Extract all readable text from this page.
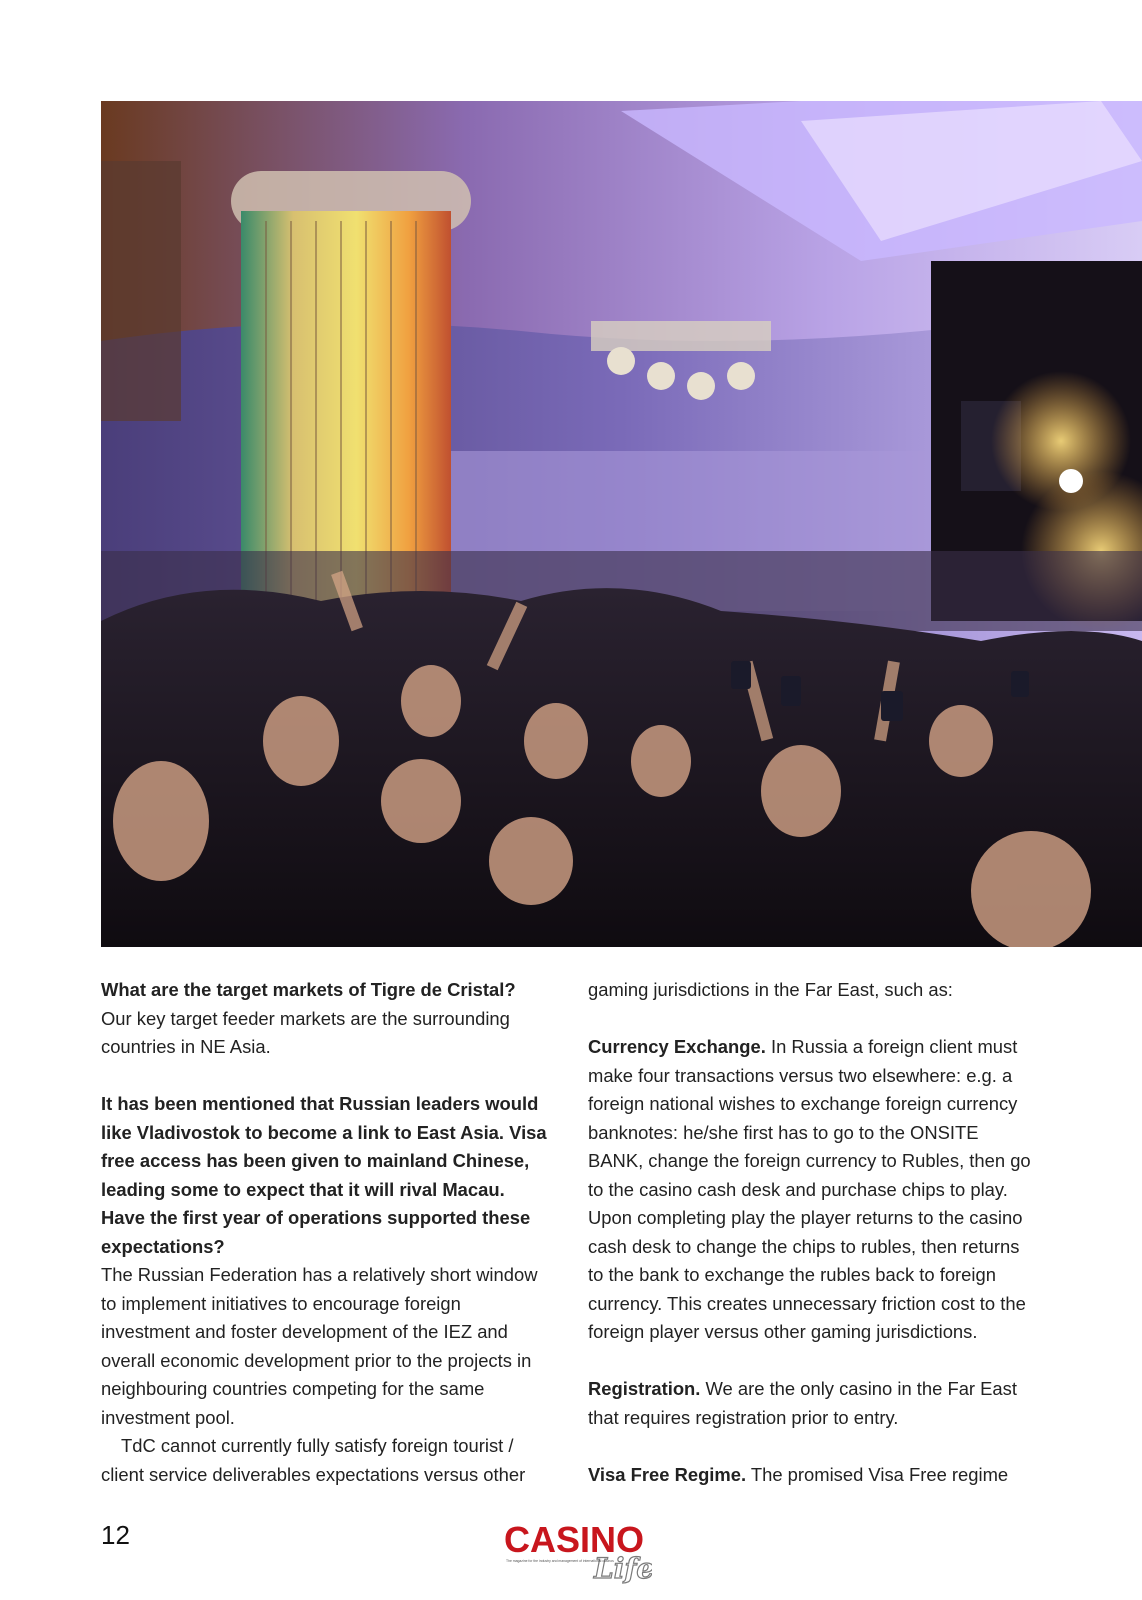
What are the target markets of Tigre de Cristal?

Our key target feeder markets are the surrounding countries in NE Asia.

It has been mentioned that Russian leaders would like Vladivostok to become a link to East Asia. Visa free access has been given to mainland Chinese, leading some to expect that it will rival Macau. Have the first year of operations supported these expectations?

The Russian Federation has a relatively short window to implement initiatives to encourage foreign investment and foster development of the IEZ and overall economic development prior to the projects in neighbouring countries competing for the same investment pool.

TdC cannot currently fully satisfy foreign tourist / client service deliverables expectations versus other

gaming jurisdictions in the Far East, such as:

Currency Exchange. In Russia a foreign client must make four transactions versus two elsewhere: e.g. a foreign national wishes to exchange foreign currency banknotes: he/she first has to go to the ONSITE BANK, change the foreign currency to Rubles, then go to the casino cash desk and purchase chips to play. Upon completing play the player returns to the casino cash desk to change the chips to rubles, then returns to the bank to exchange the rubles back to foreign currency. This creates unnecessary friction cost to the foreign player versus other gaming jurisdictions.

Registration. We are the only casino in the Far East that requires registration prior to entry.

Visa Free Regime. The promised Visa Free regime

12	CASINO
Life
The magazine for the industry and management of international casinos
